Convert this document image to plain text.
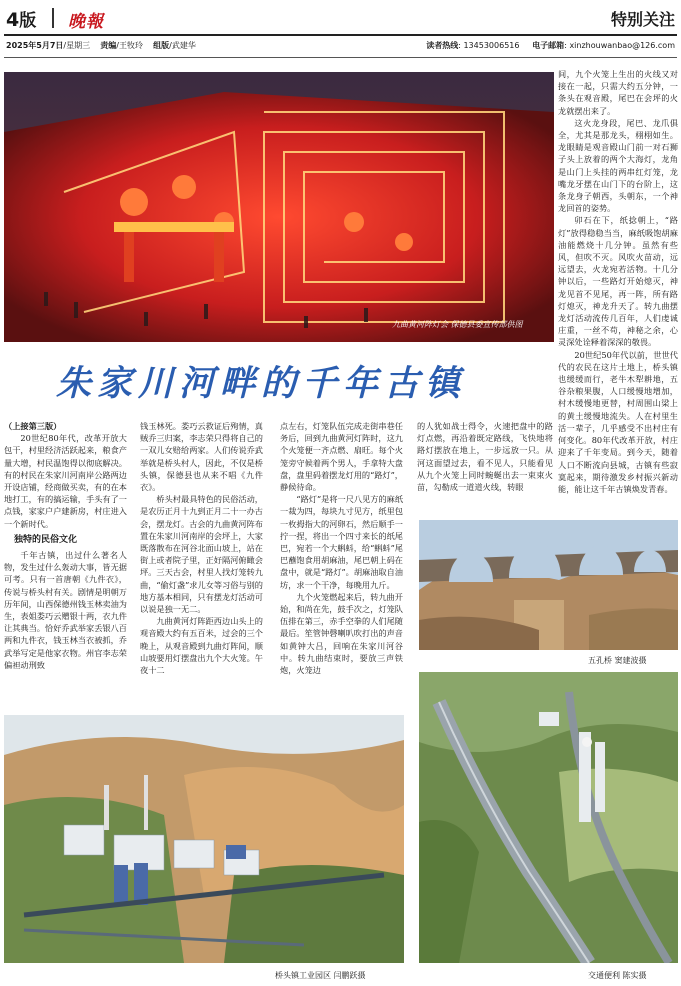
4版 晚報	特别关注
2025年5月7日/星期三 责编/王牧玲 组版/武建华	读者热线: 13453006516 电子邮箱: xinzhouwanbao@126.com
九曲黄河阵灯会 保德县委宣传部供图

间，九个火笼上生出的火线又对接在一起，只需大约五分钟，一条头在观音殿，尾巴在会坪的火龙就摆出来了。

这火龙身段，尾巴、龙爪俱全，尤其是那龙头，栩栩如生。龙眼睛是观音殿山门前一对石狮子头上放着的两个大海灯，龙角是山门上头挂的两串红灯笼，龙嘴龙牙摆在山门下的台阶上，这条龙身子朝西，头朝东，一个神龙回首的姿势。

卯石在下，纸捻朝上，“路灯”放得稳稳当当，麻纸吸饱胡麻油能燃烧十几分钟。虽然有些风，但吹不灭。风吹火苗动，远远望去，火龙宛若活物。十几分钟以后，一些路灯开始熄灭，神龙见首不见尾，再一阵，所有路灯熄灭，神龙升天了。转九曲摆龙灯活动流传几百年，人们虔诚庄重，一丝不苟，神秘之余，心灵深处诠释着深深的敬畏。

20世纪50年代以前，世世代代的农民在这片土地上，桥头镇也缓缓而行，老牛木犁耕地，五谷杂粮果腹，人口缓慢地增加，村木缓慢地更替，村周围山梁上的黄土缓慢地流失。人在村里生活一辈子，几乎感受不出村庄有何变化。80年代改革开放，村庄迎来了千年变局。到今天，随着人口不断流向县城，古镇有些寂寞起来，期待激发乡村振兴新动能，能让这千年古镇焕发青春。

朱家川河畔的千年古镇

（上接第三版）

20世纪80年代，改革开放大包干，村里经济活跃起来，粮食产量大增，村民温饱得以彻底解决。有的村民在朱家川河南岸公路两边开设店铺，经商做买卖，有的在本地打工，有的搞运输，手头有了一点钱，家家户户建新房，村庄进入一个新时代。

独特的民俗文化

千年古镇，出过什么著名人物，发生过什么轰动大事，皆无据可考。只有一首唐朝《九件衣》，传说与桥头村有关。剧情是明朝万历年间，山西保德州钱玉林卖油为生，表姐娄巧云赠银十两，衣九件让其典当。恰好乔武举家丢银八百两和九件衣，钱玉林当衣被抓，乔武举写定是他家衣物。州官李志荣偏袒动刑致

钱玉林死。娄巧云救证后殉情，真贼乔三归案，李志荣只得将自己的一双儿女赔给两家。人们传说乔武举就是桥头村人，因此，不仅是桥头镇，保德县也从来不唱《九件衣》。

桥头村最具特色的民俗活动，是农历正月十九到正月二十一办古会，摆龙灯。古会的九曲黄河阵布置在朱家川河南岸的会坪上，大家既落散布在河谷北面山坡上，站在街上或者院子里，正好隔河俯瞰会坪。三天古会，村里人找灯笼转九曲，“偷灯盏”求儿女等习俗与别的地方基本相同，只有摆龙灯活动可以说是独一无二。

九曲黄河灯阵距西边山头上的观音殿大约有五百米，过会的三个晚上，从观音殿到九曲灯阵间，顺山坡要用灯摆盘出九个大火笼。午夜十二

点左右，灯笼队伍完成走街串巷任务后，回到九曲黄河灯阵时，这九个火笼便一齐点燃、扇旺。每个火笼旁守候着两个男人，手拿特大盘盘，盘里码着摆龙灯用的“路灯”，静候待命。

“路灯”是将一尺八见方的麻纸一裁为四，每块九寸见方，纸里包一枚拇指大的河卵石，然后顺手一拧一捏，将出一个四寸来长的纸尾巴，宛若一个大蝌蚪，给“蝌蚪”尾巴蘸饱食用胡麻油，尾巴朝上码在盘中，就是“路灯”。胡麻油取自油坊，求一个干净，每晚用九斤。

九个火笼燃起来后，转九曲开始，和尚在先，鼓手次之，灯笼队伍排在第三，赤手空拳的人们尾随最后。笙管钟磬喇叭吹打出的声音如黄钟大吕，回响在朱家川河谷中。转九曲结束时，要放三声铁炮，火笼边

的人犹如战士得令，火速把盘中的路灯点燃，再沿着既定路线，飞快地将路灯摆放在地上，一步远放一只。从河这面望过去，看不见人，只能看见从九个火笼上同时蜿蜒出去一束束火苗，勾勒成一道道火线，转眼

五孔桥 窦建波摄
桥头镇工业园区 闫鹏跃摄	交通便利 陈实摄
